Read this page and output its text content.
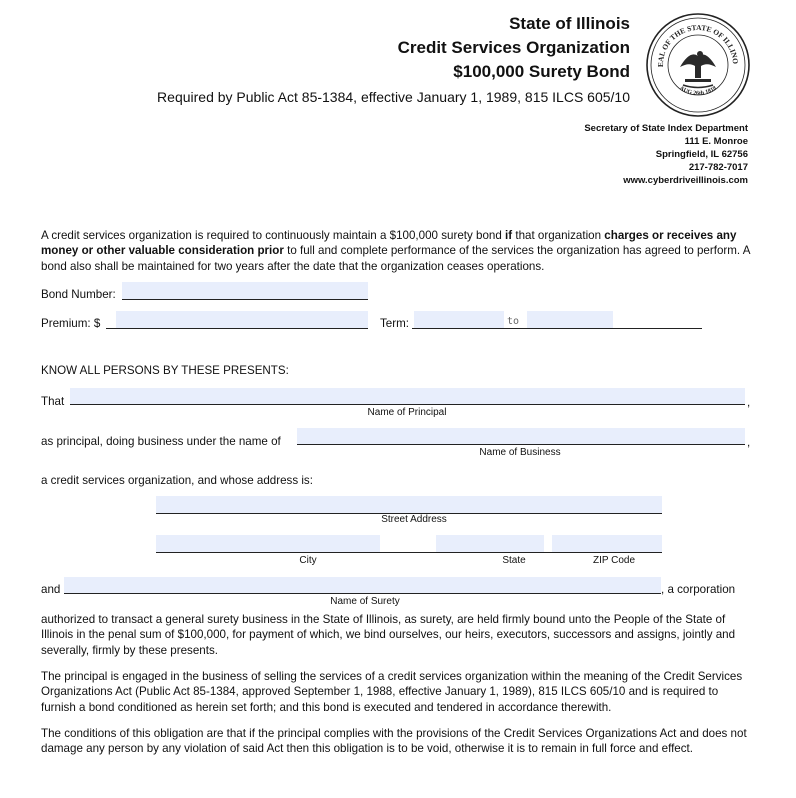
State of Illinois
Credit Services Organization
$100,000 Surety Bond
Required by Public Act 85-1384, effective January 1, 1989, 815 ILCS 605/10
EAL OF THE STATE OF ILLINO
AUG 26th 1818
Secretary of State Index Department
111 E. Monroe
Springfield, IL 62756
217-782-7017
www.cyberdriveillinois.com
A credit services organization is required to continuously maintain a $100,000 surety bond if that organization charges or receives any money or other valuable consideration prior to full and complete performance of the services the organization has agreed to perform. A bond also shall be maintained for two years after the date that the organization ceases operations.
Bond Number:
Premium: $	Term:	to
KNOW ALL PERSONS BY THESE PRESENTS:
That	,
Name of Principal
as principal, doing business under the name of	,
Name of Business
a credit services organization, and whose address is:
Street Address
City	State	ZIP Code
and	, a corporation
Name of Surety
authorized to transact a general surety business in the State of Illinois, as surety, are held firmly bound unto the People of the State of Illinois in the penal sum of $100,000, for payment of which, we bind ourselves, our heirs, executors, successors and assigns, jointly and severally, firmly by these presents.
The principal is engaged in the business of selling the services of a credit services organization within the meaning of the Credit Services Organizations Act (Public Act 85-1384, approved September 1, 1988, effective January 1, 1989), 815 ILCS 605/10 and is required to furnish a bond conditioned as herein set forth; and this bond is executed and tendered in accordance therewith.
The conditions of this obligation are that if the principal complies with the provisions of the Credit Services Organizations Act and does not damage any person by any violation of said Act then this obligation is to be void, otherwise it is to remain in full force and effect.
